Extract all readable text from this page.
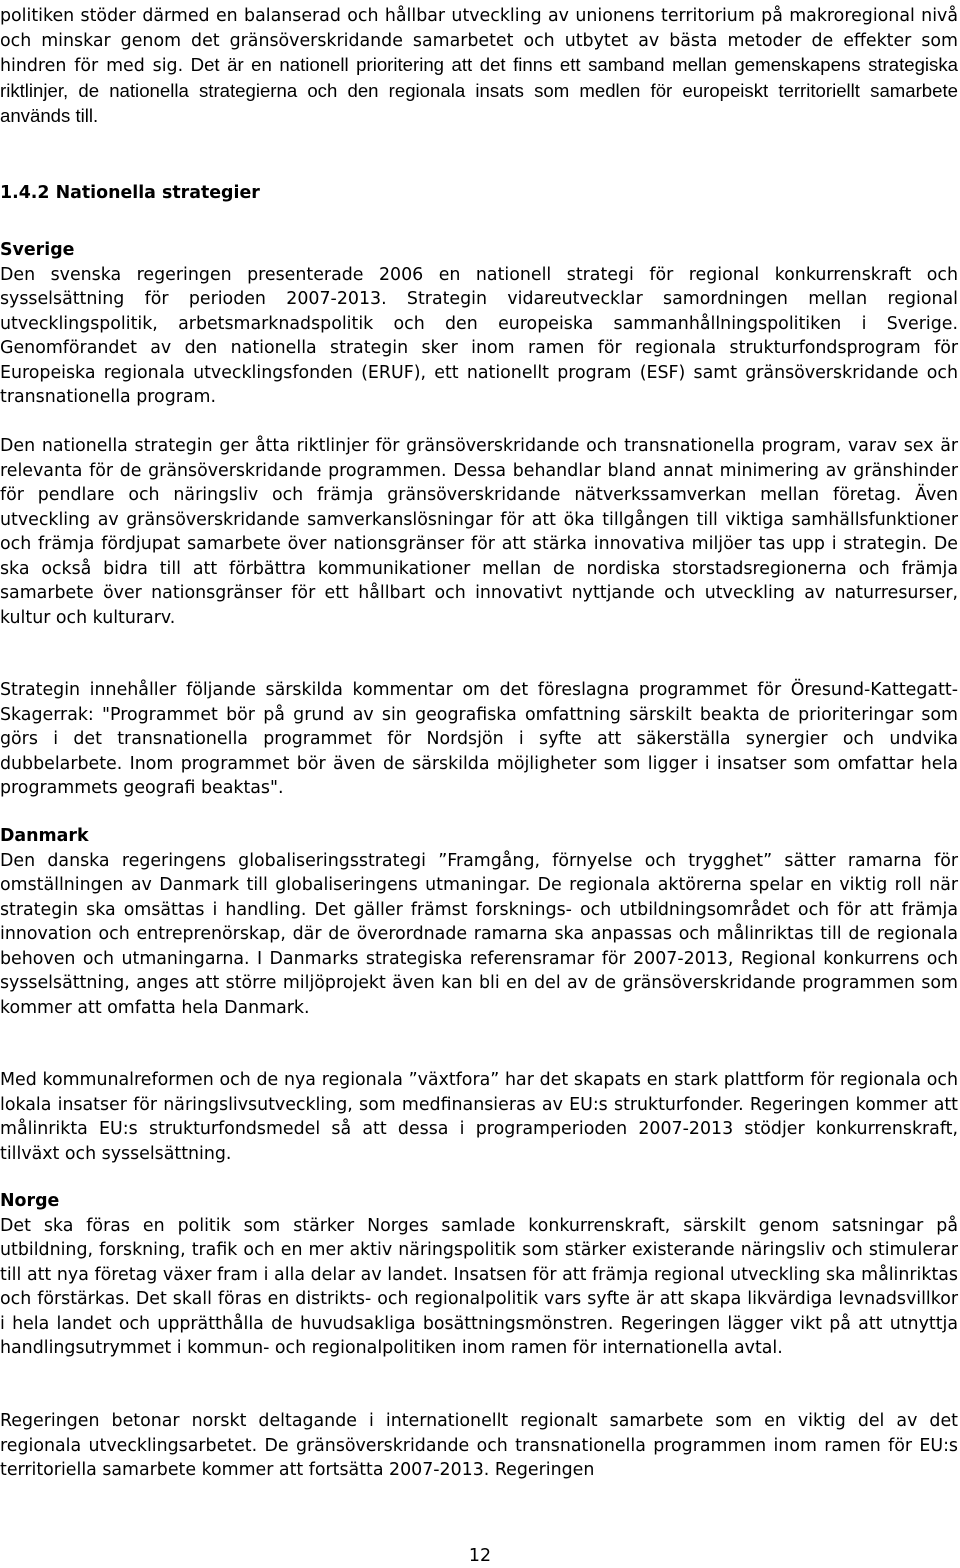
politiken stöder därmed en balanserad och hållbar utveckling av unionens territorium på makroregional nivå och minskar genom det gränsöverskridande samarbetet och utbytet av bästa metoder de effekter som hindren för med sig. Det är en nationell prioritering att det finns ett samband mellan gemenskapens strategiska riktlinjer, de nationella strategierna och den regionala insats som medlen för europeiskt territoriellt samarbete används till.

1.4.2 Nationella strategier
Sverige

Den svenska regeringen presenterade 2006 en nationell strategi för regional konkurrenskraft och sysselsättning för perioden 2007-2013. Strategin vidareutvecklar samordningen mellan regional utvecklingspolitik, arbetsmarknadspolitik och den europeiska sammanhållningspolitiken i Sverige. Genomförandet av den nationella strategin sker inom ramen för regionala strukturfondsprogram för Europeiska regionala utvecklingsfonden (ERUF), ett nationellt program (ESF) samt gränsöverskridande och transnationella program.

Den nationella strategin ger åtta riktlinjer för gränsöverskridande och transnationella program, varav sex är relevanta för de gränsöverskridande programmen. Dessa behandlar bland annat minimering av gränshinder för pendlare och näringsliv och främja gränsöverskridande nätverkssamverkan mellan företag. Även utveckling av gränsöverskridande samverkanslösningar för att öka tillgången till viktiga samhällsfunktioner och främja fördjupat samarbete över nationsgränser för att stärka innovativa miljöer tas upp i strategin. De ska också bidra till att förbättra kommunikationer mellan de nordiska storstadsregionerna och främja samarbete över nationsgränser för ett hållbart och innovativt nyttjande och utveckling av naturresurser, kultur och kulturarv.

Strategin innehåller följande särskilda kommentar om det föreslagna programmet för Öresund-Kattegatt-Skagerrak: "Programmet bör på grund av sin geografiska omfattning särskilt beakta de prioriteringar som görs i det transnationella programmet för Nordsjön i syfte att säkerställa synergier och undvika dubbelarbete. Inom programmet bör även de särskilda möjligheter som ligger i insatser som omfattar hela programmets geografi beaktas".

Danmark

Den danska regeringens globaliseringsstrategi ”Framgång, förnyelse och trygghet” sätter ramarna för omställningen av Danmark till globaliseringens utmaningar. De regionala aktörerna spelar en viktig roll när strategin ska omsättas i handling. Det gäller främst forsknings- och utbildningsområdet och för att främja innovation och entreprenörskap, där de överordnade ramarna ska anpassas och målinriktas till de regionala behoven och utmaningarna. I Danmarks strategiska referensramar för 2007-2013, Regional konkurrens och sysselsättning, anges att större miljöprojekt även kan bli en del av de gränsöverskridande programmen som kommer att omfatta hela Danmark.

Med kommunalreformen och de nya regionala ”växtfora” har det skapats en stark plattform för regionala och lokala insatser för näringslivsutveckling, som medfinansieras av EU:s strukturfonder. Regeringen kommer att målinrikta EU:s strukturfondsmedel så att dessa i programperioden 2007-2013 stödjer konkurrenskraft, tillväxt och sysselsättning.

Norge

Det ska föras en politik som stärker Norges samlade konkurrenskraft, särskilt genom satsningar på utbildning, forskning, trafik och en mer aktiv näringspolitik som stärker existerande näringsliv och stimulerar till att nya företag växer fram i alla delar av landet. Insatsen för att främja regional utveckling ska målinriktas och förstärkas. Det skall föras en distrikts- och regionalpolitik vars syfte är att skapa likvärdiga levnadsvillkor i hela landet och upprätthålla de huvudsakliga bosättningsmönstren. Regeringen lägger vikt på att utnyttja handlingsutrymmet i kommun- och regionalpolitiken inom ramen för internationella avtal.

Regeringen betonar norskt deltagande i internationellt regionalt samarbete som en viktig del av det regionala utvecklingsarbetet. De gränsöverskridande och transnationella programmen inom ramen för EU:s territoriella samarbete kommer att fortsätta 2007-2013. Regeringen

12
